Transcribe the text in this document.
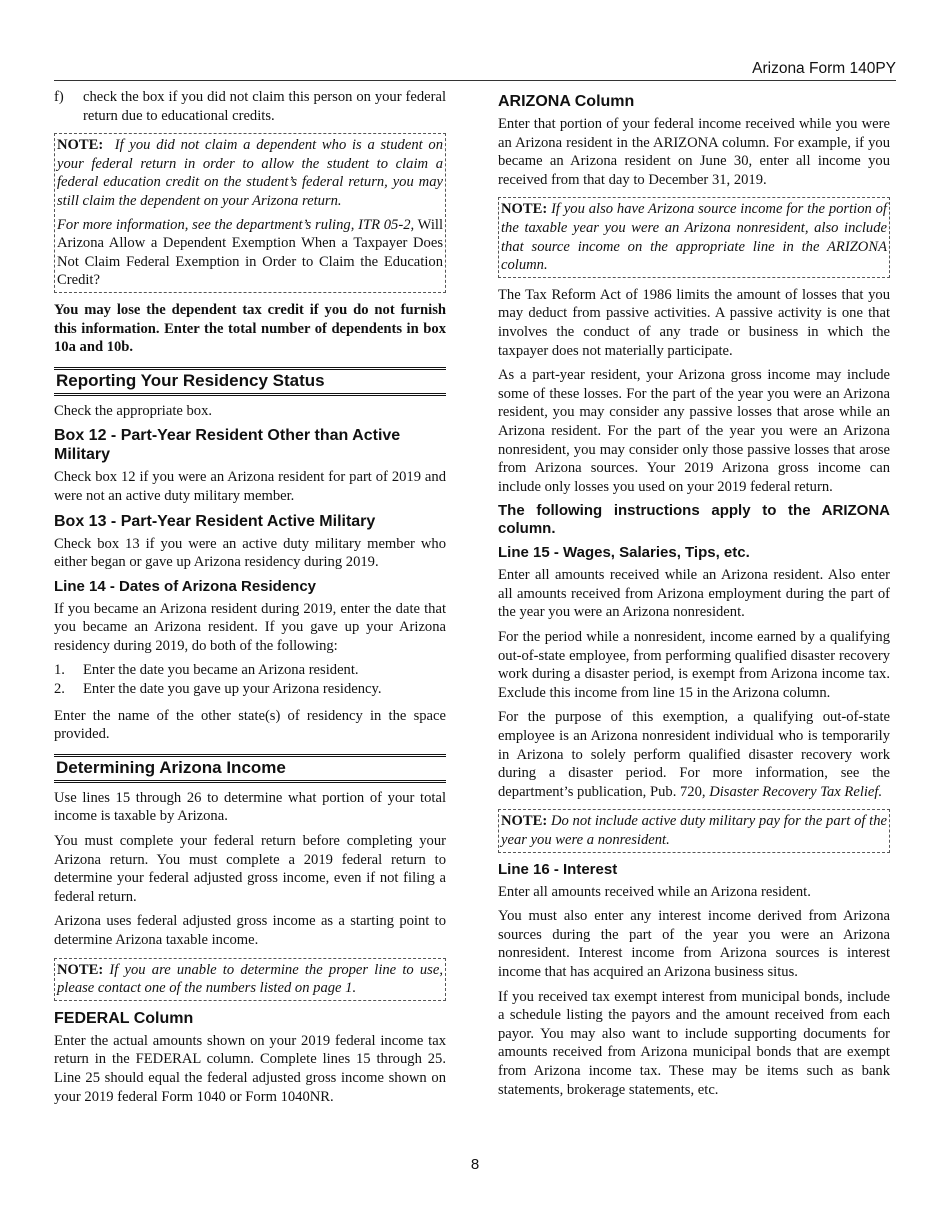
Arizona Form 140PY
f)	check the box if you did not claim this person on your federal return due to educational credits.

NOTE: If you did not claim a dependent who is a student on your federal return in order to allow the student to claim a federal education credit on the student’s federal return, you may still claim the dependent on your Arizona return.

For more information, see the department’s ruling, ITR 05-2, Will Arizona Allow a Dependent Exemption When a Taxpayer Does Not Claim Federal Exemption in Order to Claim the Education Credit?

You may lose the dependent tax credit if you do not furnish this information. Enter the total number of dependents in box 10a and 10b.

Reporting Your Residency Status

Check the appropriate box.

Box 12 - Part-Year Resident Other than Active Military

Check box 12 if you were an Arizona resident for part of 2019 and were not an active duty military member.

Box 13 - Part-Year Resident Active Military

Check box 13 if you were an active duty military member who either began or gave up Arizona residency during 2019.

Line 14 - Dates of Arizona Residency

If you became an Arizona resident during 2019, enter the date that you became an Arizona resident. If you gave up your Arizona residency during 2019, do both of the following:

1.	Enter the date you became an Arizona resident.
2.	Enter the date you gave up your Arizona residency.

Enter the name of the other state(s) of residency in the space provided.

Determining Arizona Income

Use lines 15 through 26 to determine what portion of your total income is taxable by Arizona.

You must complete your federal return before completing your Arizona return. You must complete a 2019 federal return to determine your federal adjusted gross income, even if not filing a federal return.

Arizona uses federal adjusted gross income as a starting point to determine Arizona taxable income.

NOTE: If you are unable to determine the proper line to use, please contact one of the numbers listed on page 1.

FEDERAL Column

Enter the actual amounts shown on your 2019 federal income tax return in the FEDERAL column. Complete lines 15 through 25. Line 25 should equal the federal adjusted gross income shown on your 2019 federal Form 1040 or Form 1040NR.

ARIZONA Column

Enter that portion of your federal income received while you were an Arizona resident in the ARIZONA column. For example, if you became an Arizona resident on June 30, enter all income you received from that day to December 31, 2019.

NOTE: If you also have Arizona source income for the portion of the taxable year you were an Arizona nonresident, also include that source income on the appropriate line in the ARIZONA column.

The Tax Reform Act of 1986 limits the amount of losses that you may deduct from passive activities. A passive activity is one that involves the conduct of any trade or business in which the taxpayer does not materially participate.

As a part-year resident, your Arizona gross income may include some of these losses. For the part of the year you were an Arizona resident, you may consider any passive losses that arose while an Arizona resident. For the part of the year you were an Arizona nonresident, you may consider only those passive losses that arose from Arizona sources. Your 2019 Arizona gross income can include only losses you used on your 2019 federal return.

The following instructions apply to the ARIZONA column.
Line 15 - Wages, Salaries, Tips, etc.

Enter all amounts received while an Arizona resident. Also enter all amounts received from Arizona employment during the part of the year you were an Arizona nonresident.

For the period while a nonresident, income earned by a qualifying out-of-state employee, from performing qualified disaster recovery work during a disaster period, is exempt from Arizona income tax. Exclude this income from line 15 in the Arizona column.

For the purpose of this exemption, a qualifying out-of-state employee is an Arizona nonresident individual who is temporarily in Arizona to solely perform qualified disaster recovery work during a disaster period. For more information, see the department’s publication, Pub. 720, Disaster Recovery Tax Relief.

NOTE: Do not include active duty military pay for the part of the year you were a nonresident.

Line 16 - Interest

Enter all amounts received while an Arizona resident.

You must also enter any interest income derived from Arizona sources during the part of the year you were an Arizona nonresident. Interest income from Arizona sources is interest income that has acquired an Arizona business situs.

If you received tax exempt interest from municipal bonds, include a schedule listing the payors and the amount received from each payor. You may also want to include supporting documents for amounts received from Arizona municipal bonds that are exempt from Arizona income tax. These may be items such as bank statements, brokerage statements, etc.

8
